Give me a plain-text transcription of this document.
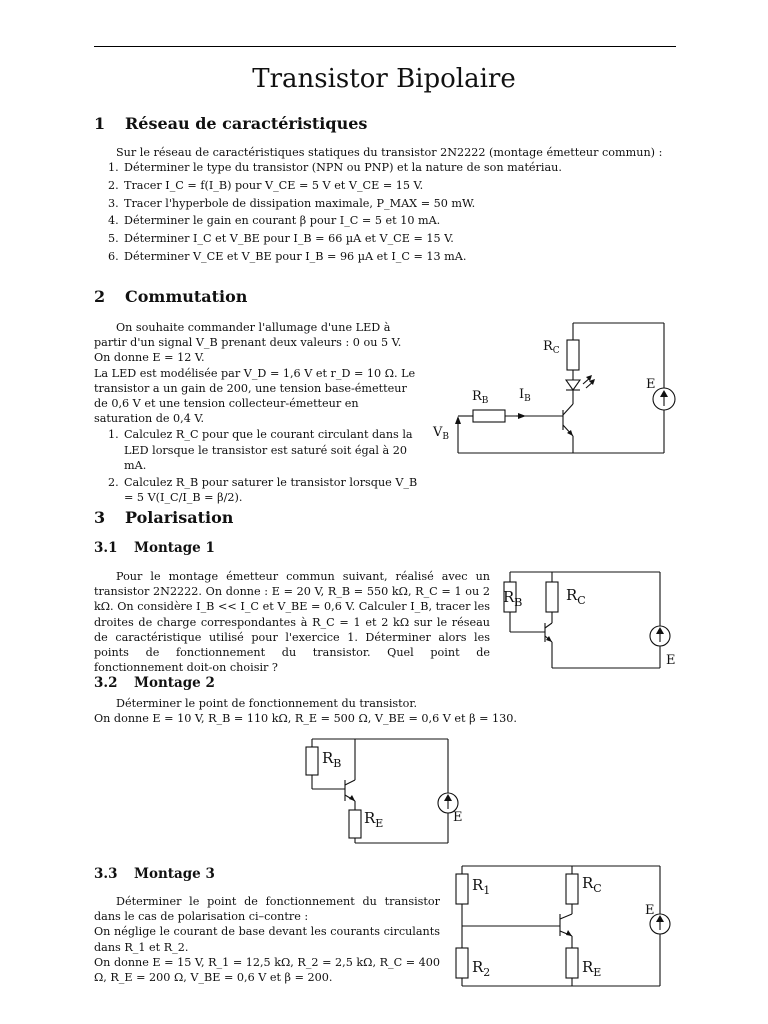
Transistor Bipolaire
1 Réseau de caractéristiques

Sur le réseau de caractéristiques statiques du transistor 2N2222 (montage émetteur commun) :

1. Déterminer le type du transistor (NPN ou PNP) et la nature de son matériau.
2. Tracer I_C = f(I_B) pour V_CE = 5 V et V_CE = 15 V.
3. Tracer l'hyperbole de dissipation maximale, P_MAX = 50 mW.
4. Déterminer le gain en courant β pour I_C = 5 et 10 mA.
5. Déterminer I_C et V_BE pour I_B = 66 µA et V_CE = 15 V.
6. Déterminer V_CE et V_BE pour I_B = 96 µA et I_C = 13 mA.
2 Commutation

On souhaite commander l'allumage d'une LED à partir d'un signal V_B prenant deux valeurs : 0 ou 5 V. On donne E = 12 V.

La LED est modélisée par V_D = 1,6 V et r_D = 10 Ω. Le transistor a un gain de 200, une tension base-émetteur de 0,6 V et une tension collecteur-émetteur en saturation de 0,4 V.

1. Calculez R_C pour que le courant circulant dans la LED lorsque le transistor est saturé soit égal à 20 mA.
2. Calculez R_B pour saturer le transistor lorsque V_B = 5 V(I_C/I_B = β/2).
$R_C$
$R_B$ $I_B$
$V_B$
E
3 Polarisation
3.1 Montage 1

Pour le montage émetteur commun suivant, réalisé avec un transistor 2N2222. On donne : E = 20 V, R_B = 550 kΩ, R_C = 1 ou 2 kΩ. On considère I_B << I_C et V_BE = 0,6 V. Calculer I_B, tracer les droites de charge correspondantes à R_C = 1 et 2 kΩ sur le réseau de caractéristique utilisé pour l'exercice 1. Déterminer alors les points de fonctionnement du transistor. Quel point de fonctionnement doit-on choisir ?

$R_B$	$R_C$
E
3.2 Montage 2

Déterminer le point de fonctionnement du transistor.

On donne E = 10 V, R_B = 110 kΩ, R_E = 500 Ω, V_BE = 0,6 V et β = 130.

$R_B$
$R_E$	E
3.3 Montage 3

Déterminer le point de fonctionnement du transistor dans le cas de polarisation ci–contre :

On néglige le courant de base devant les courants circulants dans R_1 et R_2.

On donne E = 15 V, R_1 = 12,5 kΩ, R_2 = 2,5 kΩ, R_C = 400 Ω, R_E = 200 Ω, V_BE = 0,6 V et β = 200.

$R_1$
$R_2$
$R_C$
$R_E$
E
